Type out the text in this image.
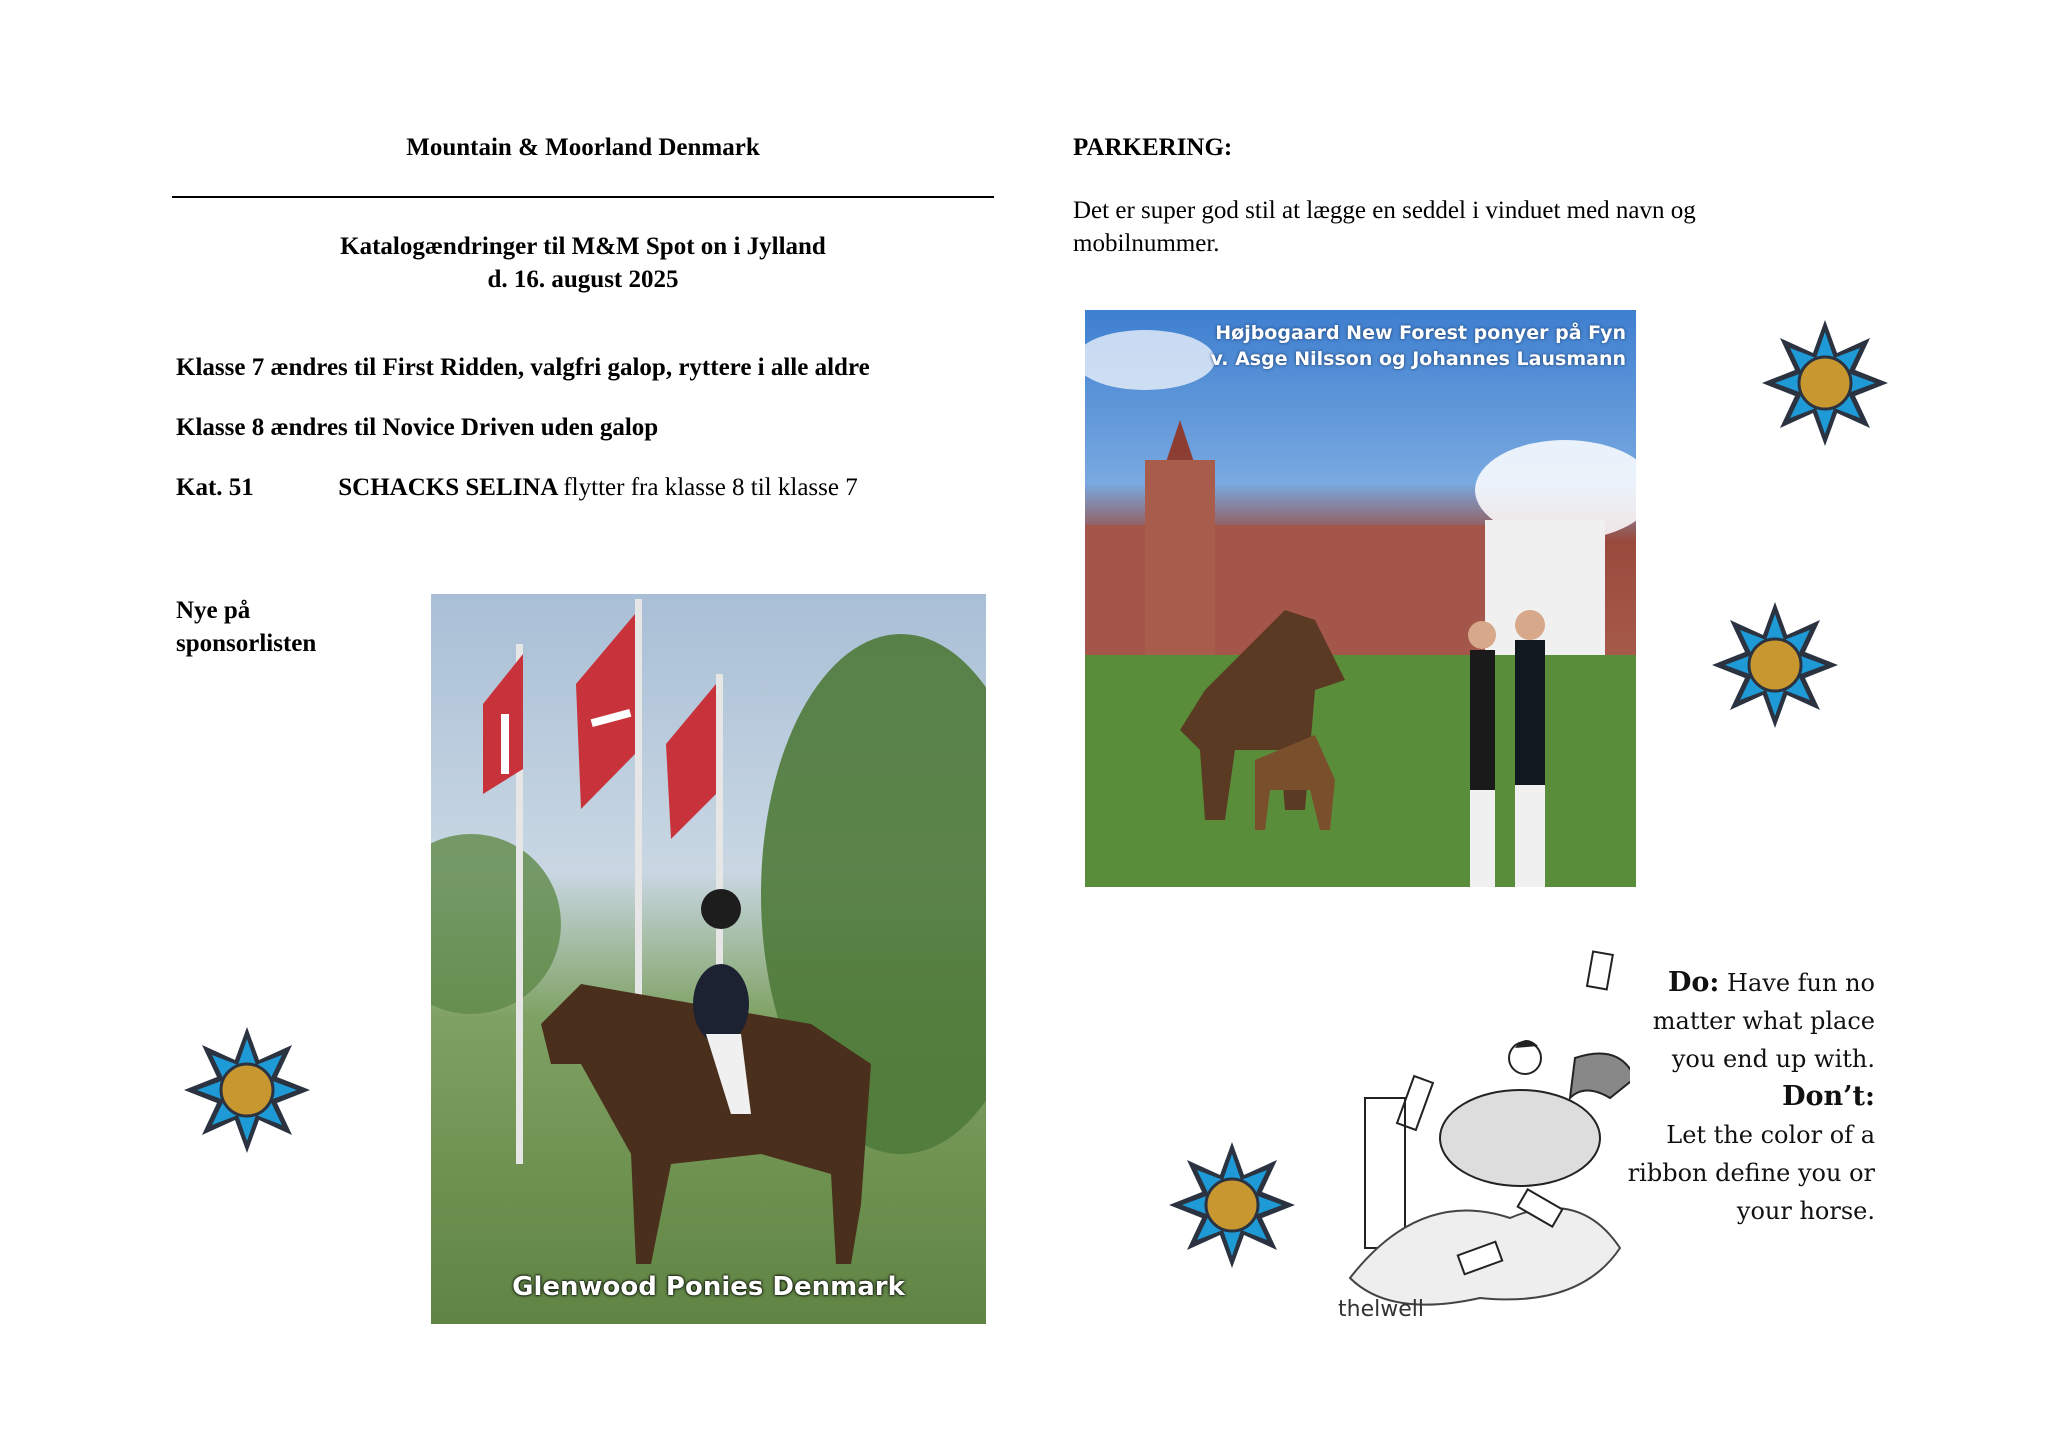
Mountain & Moorland Denmark
Katalogændringer til M&M Spot on i Jylland
d. 16. august 2025
Klasse 7 ændres til First Ridden, valgfri galop, ryttere i alle aldre
Klasse 8 ændres til Novice Driven uden galop
Kat. 51	SCHACKS SELINA flytter fra klasse 8 til klasse 7
Nye på
sponsorlisten
PARKERING:
Det er super god stil at lægge en seddel i vinduet med navn og mobilnummer.
Glenwood Ponies Denmark
Højbogaard New Forest ponyer på Fyn
v. Asge Nilsson og Johannes Lausmann
thelwell
Do: Have fun no matter what place you end up with.
Don’t:
Let the color of a ribbon define you or your horse.
